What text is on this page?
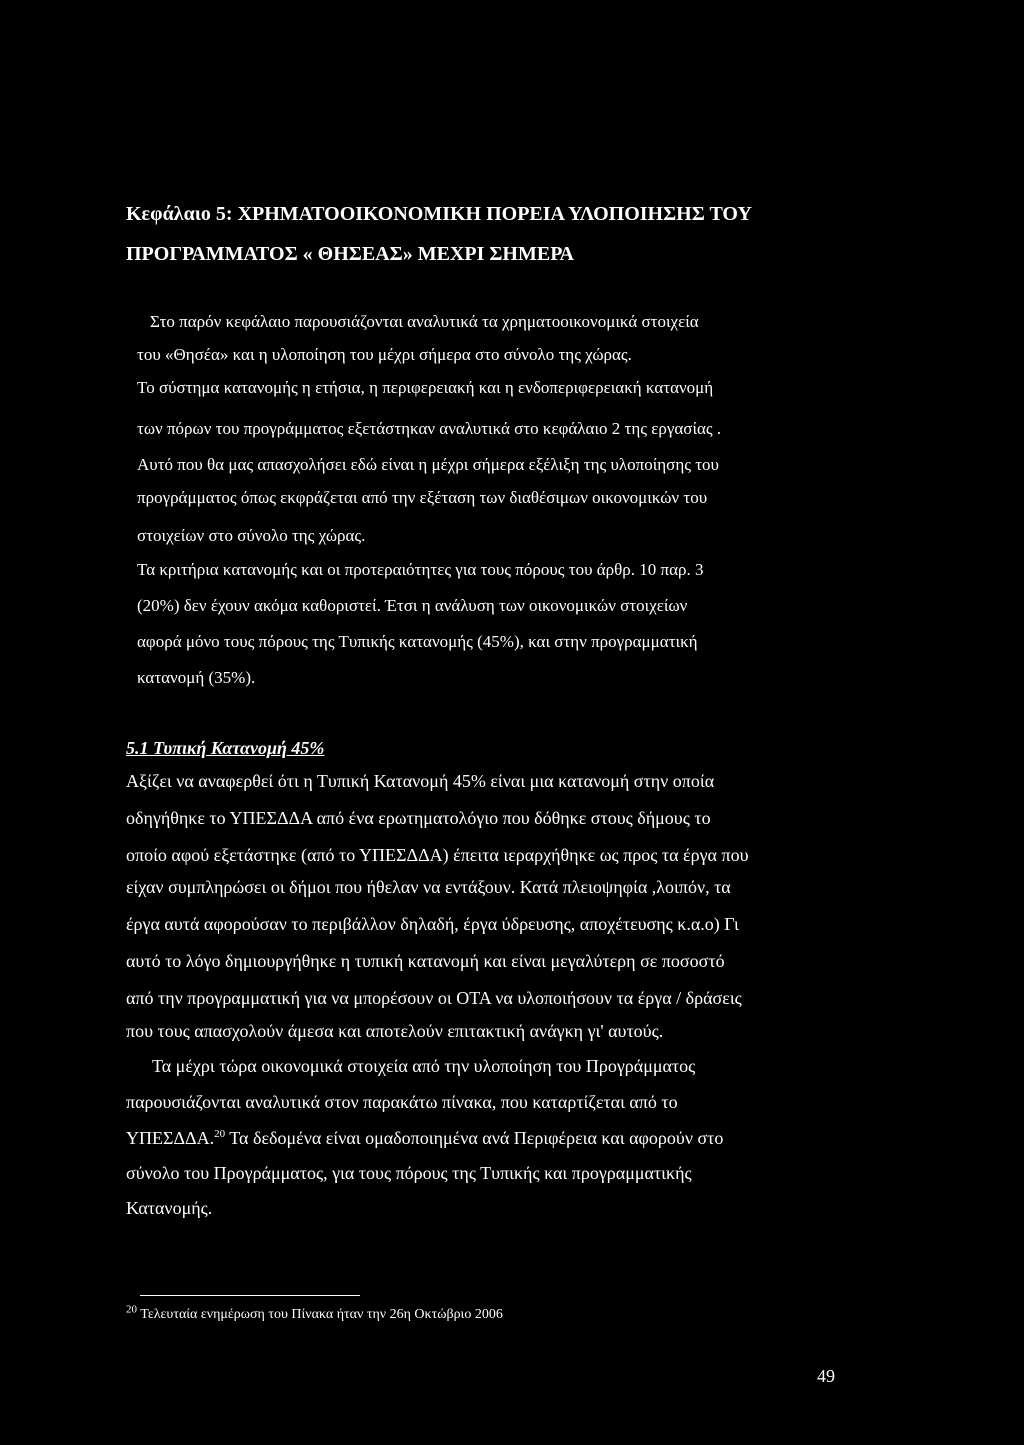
Κεφάλαιο 5: ΧΡΗΜΑΤΟΟΙΚΟΝΟΜΙΚΗ ΠΟΡΕΙΑ ΥΛΟΠΟΙΗΣΗΣ ΤΟΥ
ΠΡΟΓΡΑΜΜΑΤΟΣ « ΘΗΣΕΑΣ» ΜΕΧΡΙ ΣΗΜΕΡΑ
Στο παρόν κεφάλαιο παρουσιάζονται αναλυτικά τα χρηματοοικονομικά στοιχεία
του «Θησέα» και η υλοποίηση του μέχρι σήμερα στο σύνολο της χώρας.
Το σύστημα κατανομής η ετήσια, η περιφερειακή και η ενδοπεριφερειακή κατανομή
των πόρων του προγράμματος εξετάστηκαν αναλυτικά στο κεφάλαιο 2 της εργασίας .
Αυτό που θα μας απασχολήσει εδώ είναι η μέχρι σήμερα εξέλιξη της υλοποίησης του
προγράμματος όπως εκφράζεται από την εξέταση των διαθέσιμων οικονομικών του
στοιχείων στο σύνολο της χώρας.
Τα κριτήρια κατανομής και οι προτεραιότητες για τους πόρους του άρθρ. 10 παρ. 3
(20%) δεν έχουν ακόμα καθοριστεί. Έτσι η ανάλυση των οικονομικών στοιχείων
αφορά μόνο τους πόρους της Τυπικής κατανομής (45%), και στην προγραμματική
κατανομή (35%).
5.1 Τυπική Κατανομή 45%
Αξίζει να αναφερθεί ότι η Τυπική Κατανομή 45% είναι μια κατανομή στην οποία
οδηγήθηκε το ΥΠΕΣΔΔΑ από ένα ερωτηματολόγιο που δόθηκε στους δήμους το
οποίο αφού εξετάστηκε (από το ΥΠΕΣΔΔΑ) έπειτα ιεραρχήθηκε ως προς τα έργα που
είχαν συμπληρώσει οι δήμοι που ήθελαν να εντάξουν. Κατά πλειοψηφία ,λοιπόν, τα
έργα αυτά αφορούσαν το περιβάλλον δηλαδή, έργα ύδρευσης, αποχέτευσης κ.α.ο) Γι
αυτό το λόγο δημιουργήθηκε η τυπική κατανομή και είναι μεγαλύτερη σε ποσοστό
από την προγραμματική για να μπορέσουν οι ΟΤΑ να υλοποιήσουν τα έργα / δράσεις
που τους απασχολούν άμεσα και αποτελούν επιτακτική ανάγκη γι' αυτούς.
Τα μέχρι τώρα οικονομικά στοιχεία από την υλοποίηση του Προγράμματος
παρουσιάζονται αναλυτικά στον παρακάτω πίνακα, που καταρτίζεται από το
ΥΠΕΣΔΔΑ.$^{20}$ Τα δεδομένα είναι ομαδοποιημένα ανά Περιφέρεια και αφορούν στο
σύνολο του Προγράμματος, για τους πόρους της Τυπικής και προγραμματικής
Κατανομής.
$^{20}$ Τελευταία ενημέρωση του Πίνακα ήταν την 26η Οκτώβριο 2006
49
